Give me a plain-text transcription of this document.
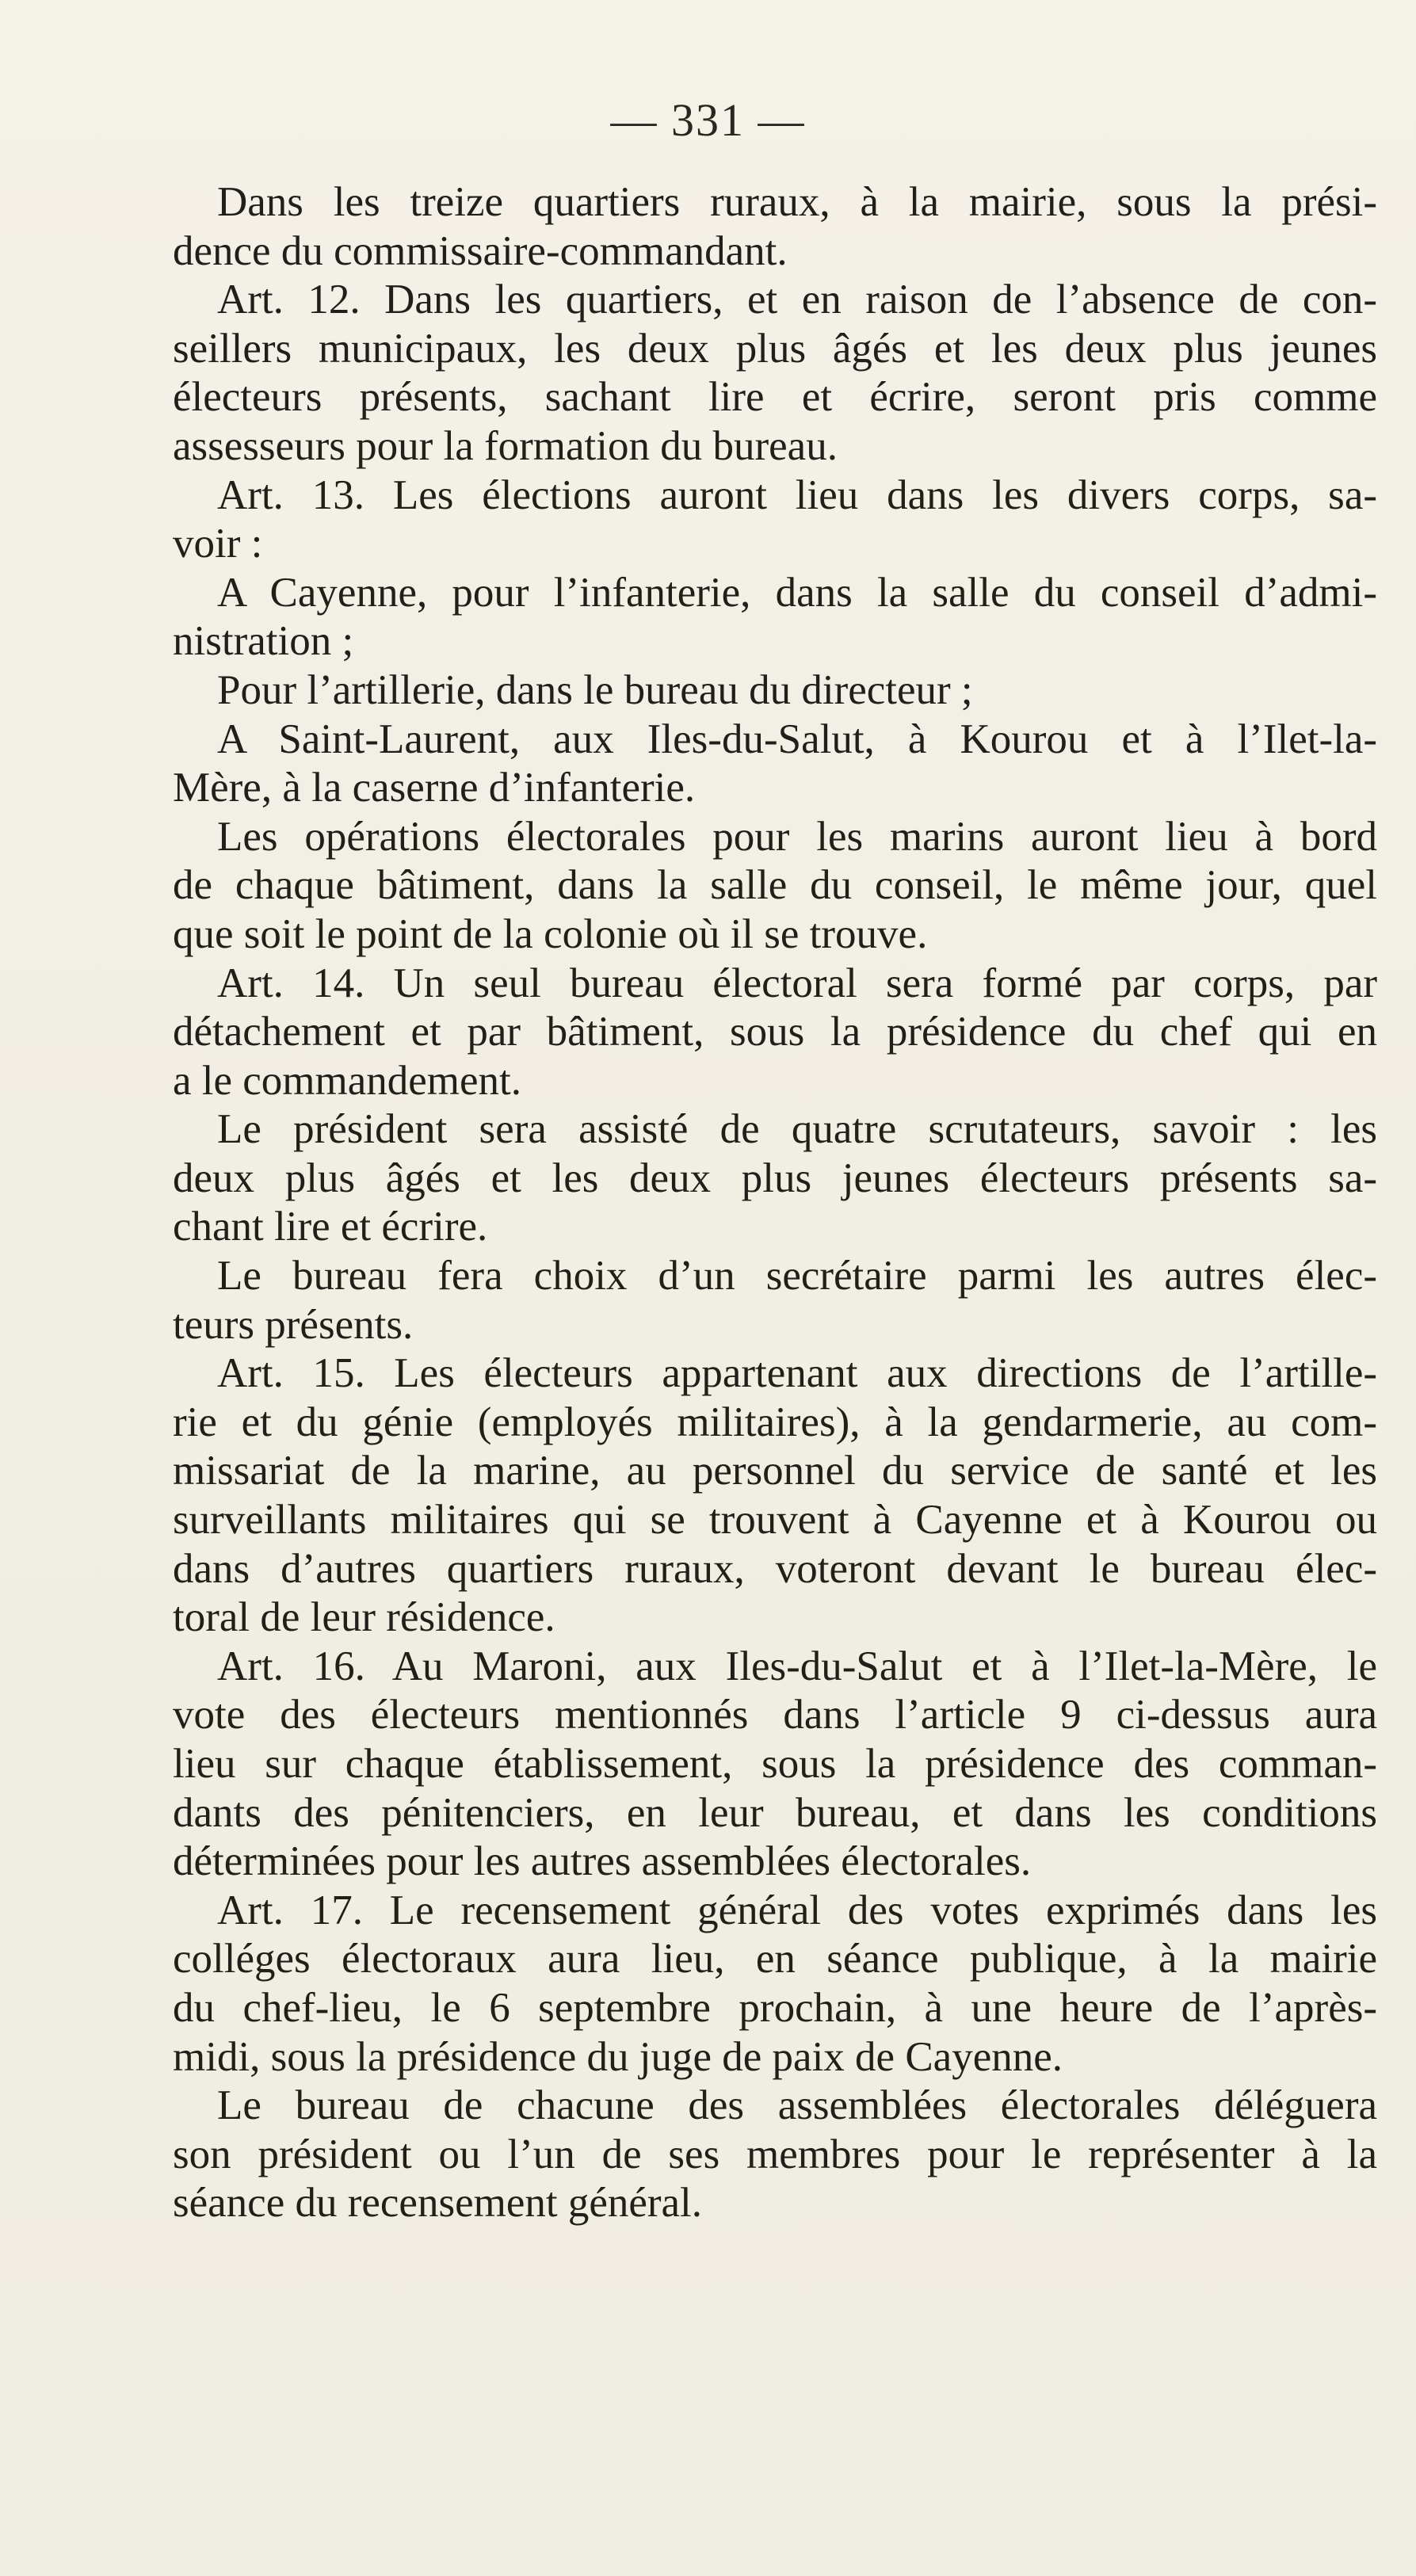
— 331 —
Dans les treize quartiers ruraux, à la mairie, sous la prési-
dence du commissaire-commandant.
Art. 12. Dans les quartiers, et en raison de l’absence de con-
seillers municipaux, les deux plus âgés et les deux plus jeunes
électeurs présents, sachant lire et écrire, seront pris comme
assesseurs pour la formation du bureau.
Art. 13. Les élections auront lieu dans les divers corps, sa-
voir :
A Cayenne, pour l’infanterie, dans la salle du conseil d’admi-
nistration ;
Pour l’artillerie, dans le bureau du directeur ;
A Saint-Laurent, aux Iles-du-Salut, à Kourou et à l’Ilet-la-
Mère, à la caserne d’infanterie.
Les opérations électorales pour les marins auront lieu à bord
de chaque bâtiment, dans la salle du conseil, le même jour, quel
que soit le point de la colonie où il se trouve.
Art. 14. Un seul bureau électoral sera formé par corps, par
détachement et par bâtiment, sous la présidence du chef qui en
a le commandement.
Le président sera assisté de quatre scrutateurs, savoir : les
deux plus âgés et les deux plus jeunes électeurs présents sa-
chant lire et écrire.
Le bureau fera choix d’un secrétaire parmi les autres élec-
teurs présents.
Art. 15. Les électeurs appartenant aux directions de l’artille-
rie et du génie (employés militaires), à la gendarmerie, au com-
missariat de la marine, au personnel du service de santé et les
surveillants militaires qui se trouvent à Cayenne et à Kourou ou
dans d’autres quartiers ruraux, voteront devant le bureau élec-
toral de leur résidence.
Art. 16. Au Maroni, aux Iles-du-Salut et à l’Ilet-la-Mère, le
vote des électeurs mentionnés dans l’article 9 ci-dessus aura
lieu sur chaque établissement, sous la présidence des comman-
dants des pénitenciers, en leur bureau, et dans les conditions
déterminées pour les autres assemblées électorales.
Art. 17. Le recensement général des votes exprimés dans les
colléges électoraux aura lieu, en séance publique, à la mairie
du chef-lieu, le 6 septembre prochain, à une heure de l’après-
midi, sous la présidence du juge de paix de Cayenne.
Le bureau de chacune des assemblées électorales déléguera
son président ou l’un de ses membres pour le représenter à la
séance du recensement général.
